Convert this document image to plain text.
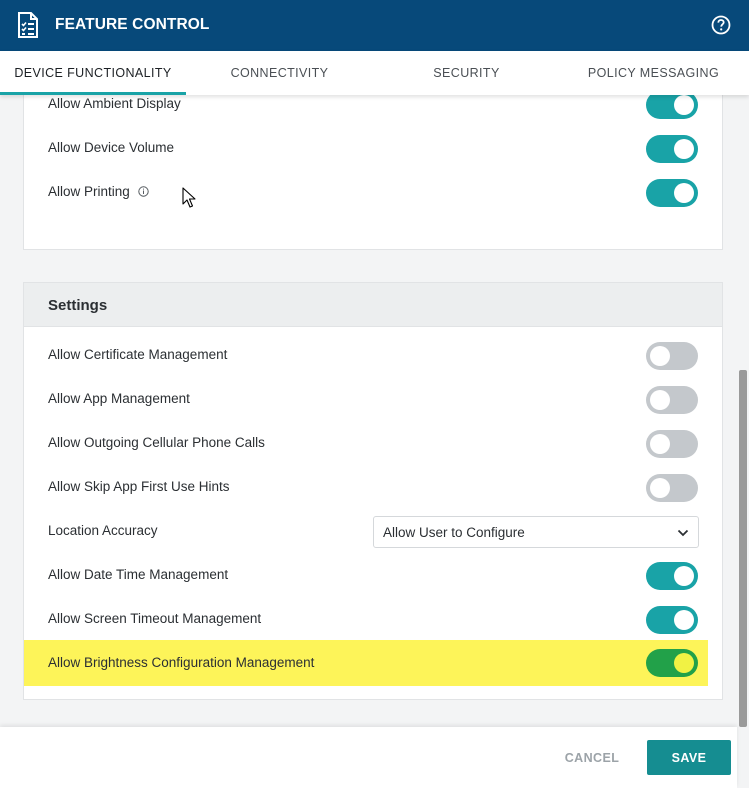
FEATURE CONTROL
DEVICE FUNCTIONALITY	CONNECTIVITY	SECURITY	POLICY MESSAGING
Allow Ambient Display
Allow Device Volume
Allow Printing
Settings
Allow Certificate Management
Allow App Management
Allow Outgoing Cellular Phone Calls
Allow Skip App First Use Hints
Location Accuracy	Allow User to Configure
Allow Date Time Management
Allow Screen Timeout Management
Allow Brightness Configuration Management
CANCEL	SAVE
